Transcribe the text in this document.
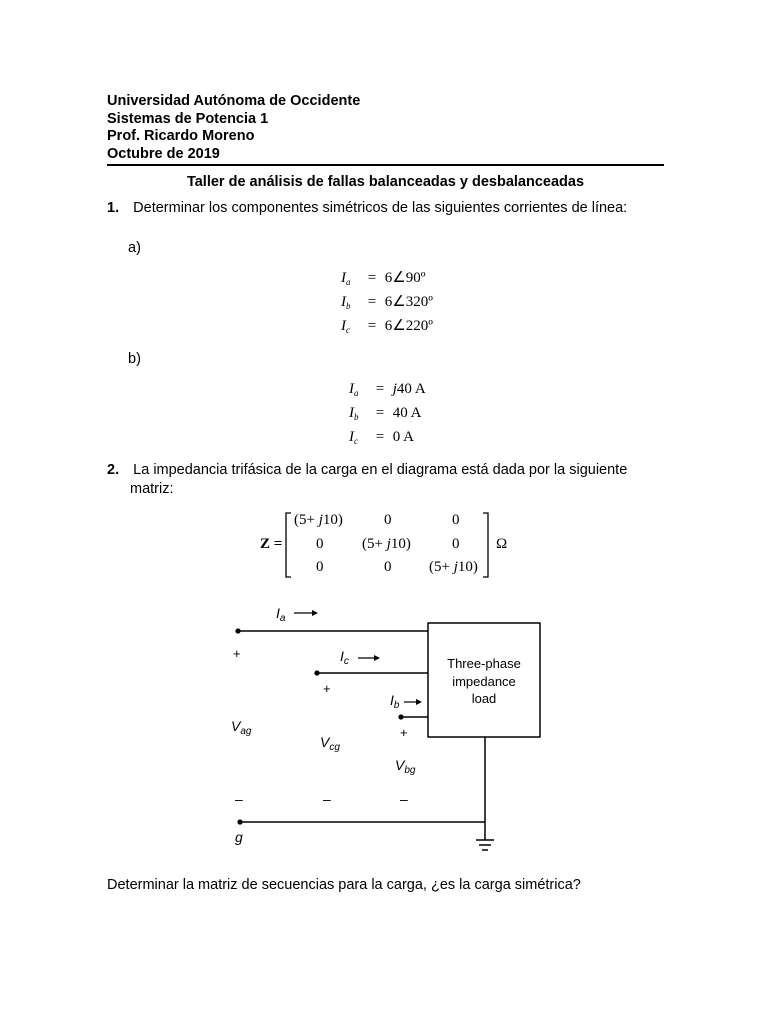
Universidad Autónoma de Occidente
Sistemas de Potencia 1
Prof. Ricardo Moreno
Octubre de 2019
Taller de análisis de fallas balanceadas y desbalanceadas
1. Determinar los componentes simétricos de las siguientes corrientes de línea:
a)
$I_a$ = 6∠90º
$I_b$ = 6∠320º
$I_c$ = 6∠220º
b)
$I_a = j40$ A
$I_b = 40$ A
$I_c = 0$ A
2. La impedancia trifásica de la carga en el diagrama está dada por la siguiente
matriz:
Z =
(5+ j10)	0	0
0	(5+ j10)	0
0	0	(5+ j10)
Ω
Three-phase
impedance
load
$I_a$
$I_c$
$I_b$
+
+
+
$V_{ag}$
$V_{cg}$
$V_{bg}$
–	–	–
g
Determinar la matriz de secuencias para la carga, ¿es la carga simétrica?
